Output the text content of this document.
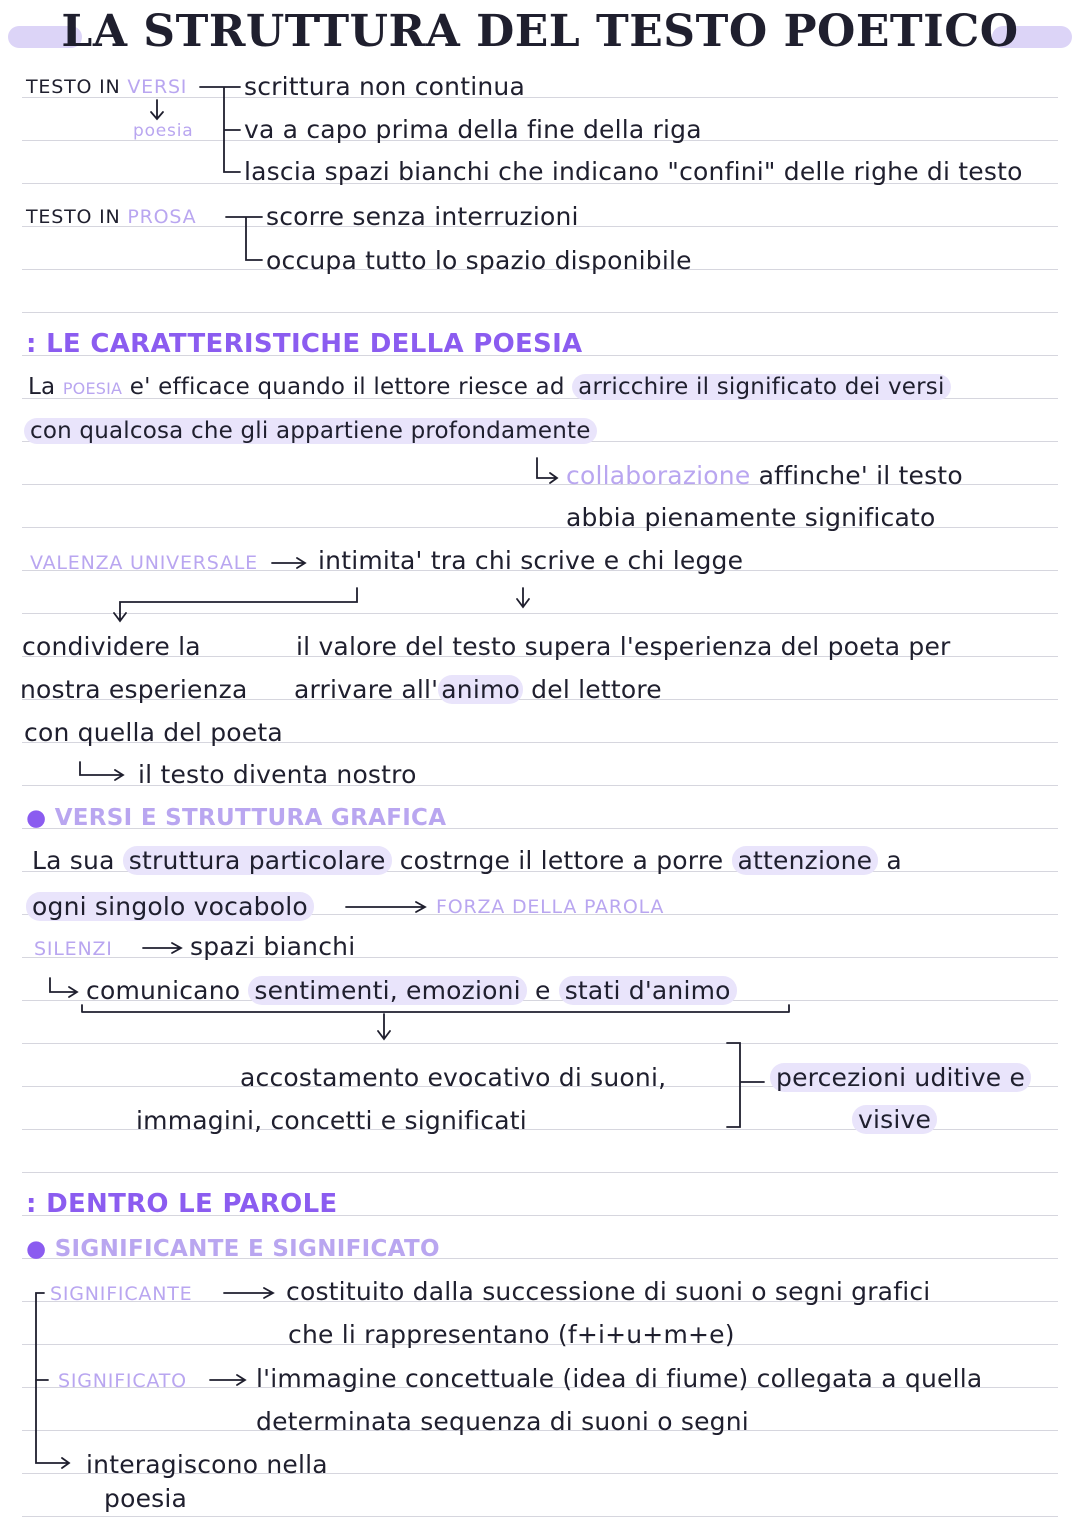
LA STRUTTURA DEL TESTO POETICO
TESTO IN VERSI
poesia
scrittura non continua
va a capo prima della fine della riga
lascia spazi bianchi che indicano "confini" delle righe di testo
TESTO IN PROSA	scorre senza interruzioni
occupa tutto lo spazio disponibile
: LE CARATTERISTICHE DELLA POESIA
La POESIA e' efficace quando il lettore riesce ad arricchire il significato dei versi
con qualcosa che gli appartiene profondamente
collaborazione affinche' il testo
abbia pienamente significato
VALENZA UNIVERSALE intimita' tra chi scrive e chi legge
condividere la
nostra esperienza
con quella del poeta
il valore del testo supera l'esperienza del poeta per
arrivare all' animo del lettore
il testo diventa nostro
● VERSI E STRUTTURA GRAFICA
La sua struttura particolare costrnge il lettore a porre attenzione a
ogni singolo vocabolo	FORZA DELLA PAROLA
SILENZI	spazi bianchi
comunicano sentimenti, emozioni e stati d'animo
accostamento evocativo di suoni,
immagini, concetti e significati
percezioni uditive e
visive
: DENTRO LE PAROLE
● SIGNIFICANTE E SIGNIFICATO
SIGNIFICANTE	costituito dalla successione di suoni o segni grafici
che li rappresentano (f+i+u+m+e)
SIGNIFICATO	l'immagine concettuale (idea di fiume) collegata a quella
determinata sequenza di suoni o segni
interagiscono nella
poesia
